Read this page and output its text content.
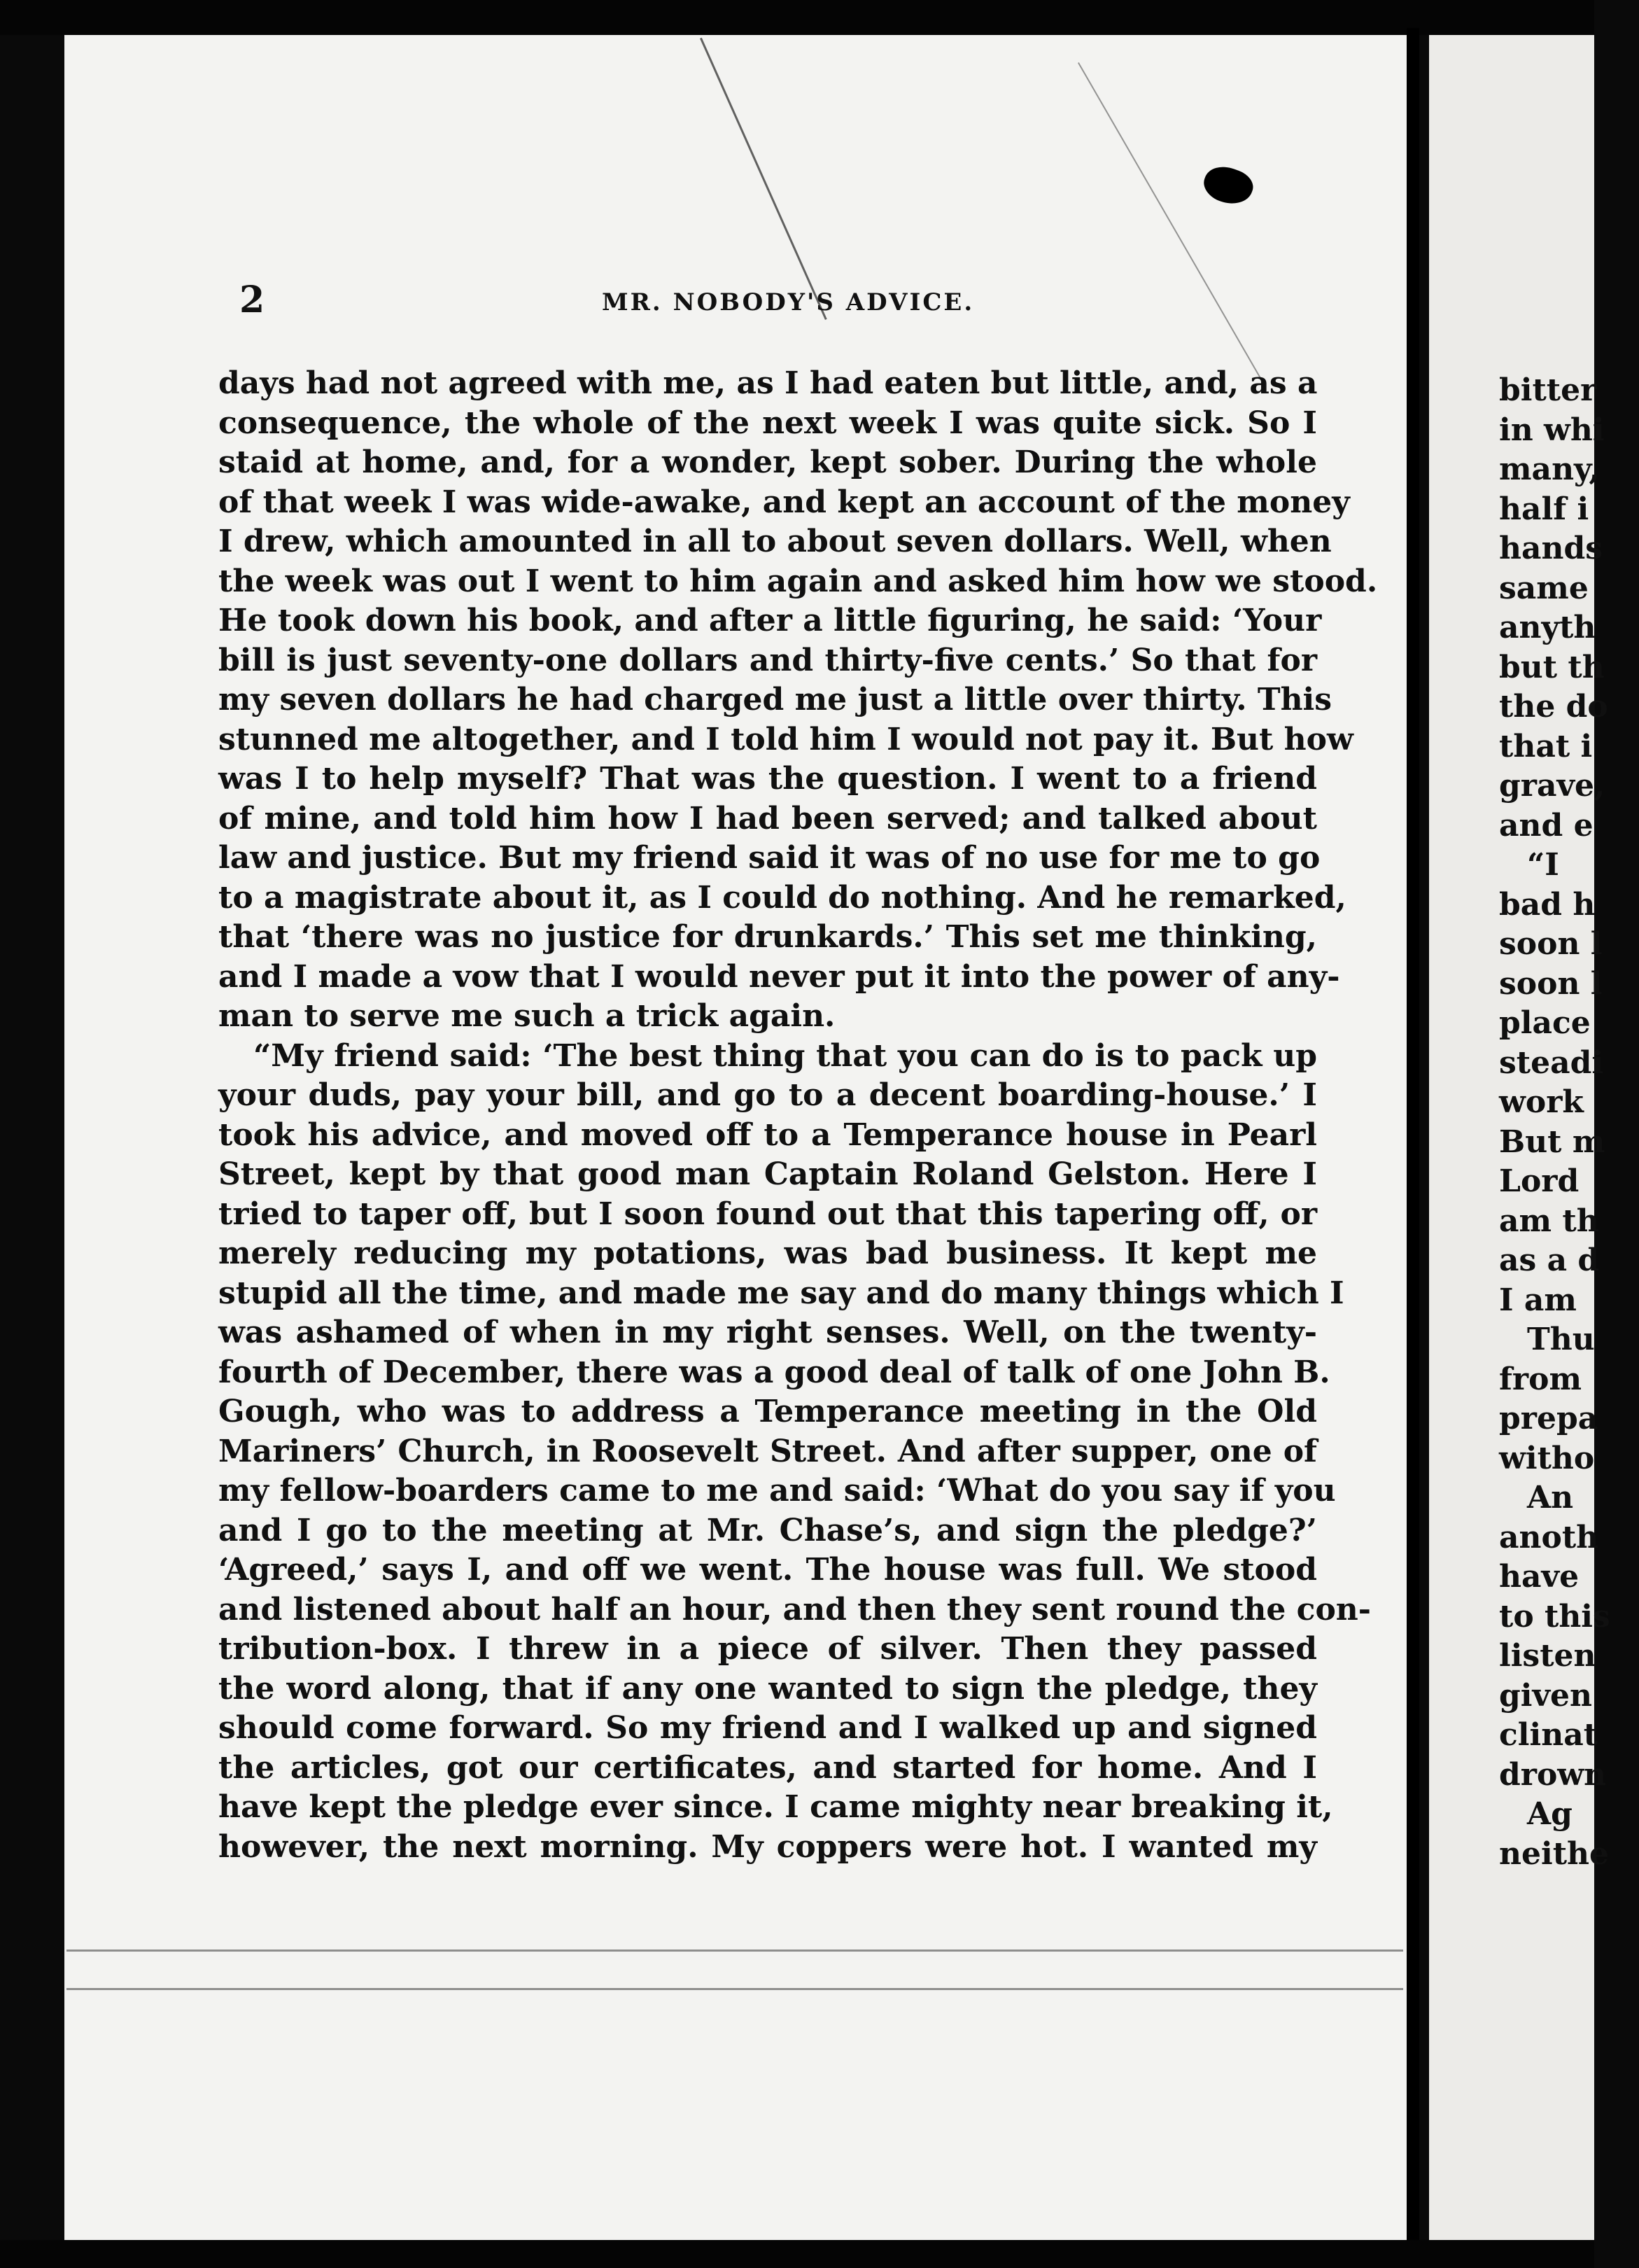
2	MR. NOBODY'S ADVICE.
days had not agreed with me, as I had eaten but little, and, as a
consequence, the whole of the next week I was quite sick. So I
staid at home, and, for a wonder, kept sober. During the whole
of that week I was wide-awake, and kept an account of the money
I drew, which amounted in all to about seven dollars. Well, when
the week was out I went to him again and asked him how we stood.
He took down his book, and after a little figuring, he said: ‘Your
bill is just seventy-one dollars and thirty-five cents.’ So that for
my seven dollars he had charged me just a little over thirty. This
stunned me altogether, and I told him I would not pay it. But how
was I to help myself? That was the question. I went to a friend
of mine, and told him how I had been served; and talked about
law and justice. But my friend said it was of no use for me to go
to a magistrate about it, as I could do nothing. And he remarked,
that ‘there was no justice for drunkards.’ This set me thinking,
and I made a vow that I would never put it into the power of any-
man to serve me such a trick again.
“My friend said: ‘The best thing that you can do is to pack up
your duds, pay your bill, and go to a decent boarding-house.’ I
took his advice, and moved off to a Temperance house in Pearl
Street, kept by that good man Captain Roland Gelston. Here I
tried to taper off, but I soon found out that this tapering off, or
merely reducing my potations, was bad business. It kept me
stupid all the time, and made me say and do many things which I
was ashamed of when in my right senses. Well, on the twenty-
fourth of December, there was a good deal of talk of one John B.
Gough, who was to address a Temperance meeting in the Old
Mariners’ Church, in Roosevelt Street. And after supper, one of
my fellow-boarders came to me and said: ‘What do you say if you
and I go to the meeting at Mr. Chase’s, and sign the pledge?’
‘Agreed,’ says I, and off we went. The house was full. We stood
and listened about half an hour, and then they sent round the con-
tribution-box. I threw in a piece of silver. Then they passed
the word along, that if any one wanted to sign the pledge, they
should come forward. So my friend and I walked up and signed
the articles, got our certificates, and started for home. And I
have kept the pledge ever since. I came mighty near breaking it,
however, the next morning. My coppers were hot. I wanted my
bitter
in whi
many,
half i
hands
same
anyth
but th
the do
that i
grave,
and e
“I
bad h
soon l
soon l
place
steadi
work
But m
Lord
am th
as a d
I am
Thu
from
prepa
witho
An
anoth
have
to this
listen
given
clinat
drown
Ag
neithe
